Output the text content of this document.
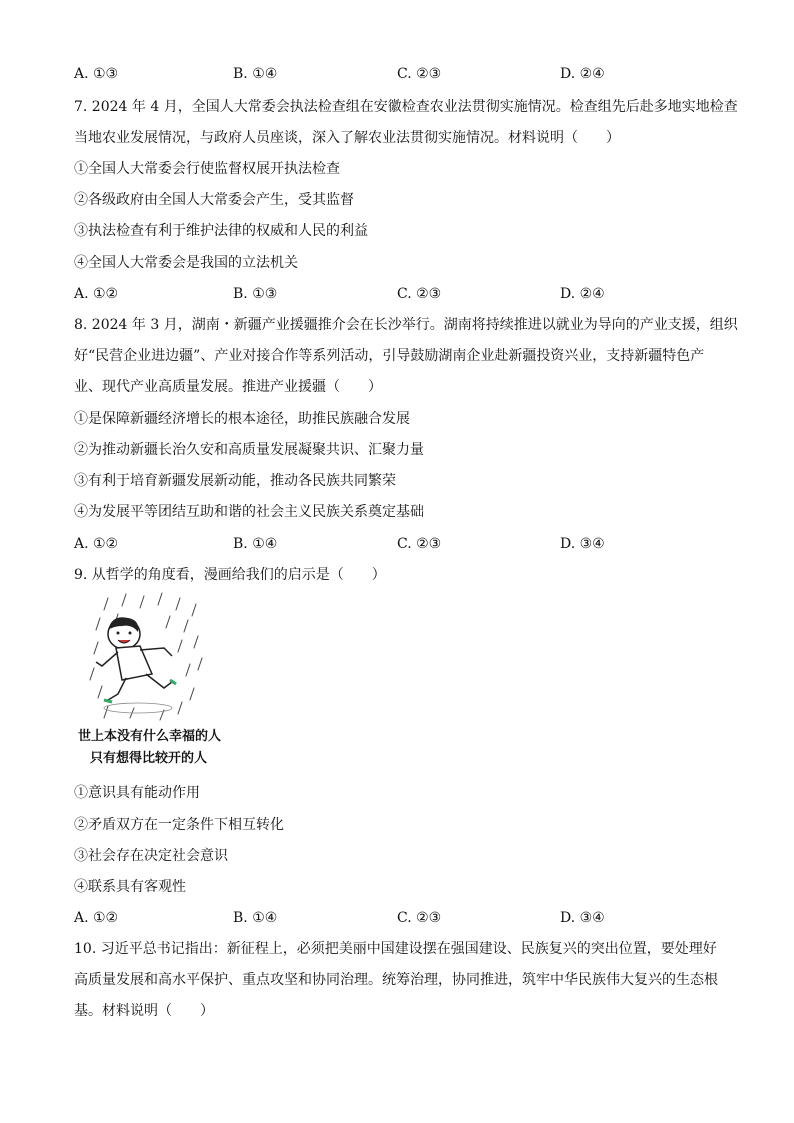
A. ①③	B. ①④	C. ②③	D. ②④
7. 2024 年 4 月，全国人大常委会执法检查组在安徽检查农业法贯彻实施情况。检查组先后赴多地实地检查
当地农业发展情况，与政府人员座谈，深入了解农业法贯彻实施情况。材料说明（　　）
①全国人大常委会行使监督权展开执法检查
②各级政府由全国人大常委会产生，受其监督
③执法检查有利于维护法律的权威和人民的利益
④全国人大常委会是我国的立法机关
A. ①②	B. ①③	C. ②③	D. ②④
8. 2024 年 3 月，湖南・新疆产业援疆推介会在长沙举行。湖南将持续推进以就业为导向的产业支援，组织
好“民营企业进边疆”、产业对接合作等系列活动，引导鼓励湖南企业赴新疆投资兴业，支持新疆特色产
业、现代产业高质量发展。推进产业援疆（　　）
①是保障新疆经济增长的根本途径，助推民族融合发展
②为推动新疆长治久安和高质量发展凝聚共识、汇聚力量
③有利于培育新疆发展新动能，推动各民族共同繁荣
④为发展平等团结互助和谐的社会主义民族关系奠定基础
A. ①②	B. ①④	C. ②③	D. ③④
9. 从哲学的角度看，漫画给我们的启示是（　　）
世上本没有什么幸福的人
只有想得比较开的人
①意识具有能动作用
②矛盾双方在一定条件下相互转化
③社会存在决定社会意识
④联系具有客观性
A. ①②	B. ①④	C. ②③	D. ③④
10. 习近平总书记指出：新征程上，必须把美丽中国建设摆在强国建设、民族复兴的突出位置，要处理好
高质量发展和高水平保护、重点攻坚和协同治理。统筹治理，协同推进，筑牢中华民族伟大复兴的生态根
基。材料说明（　　）
